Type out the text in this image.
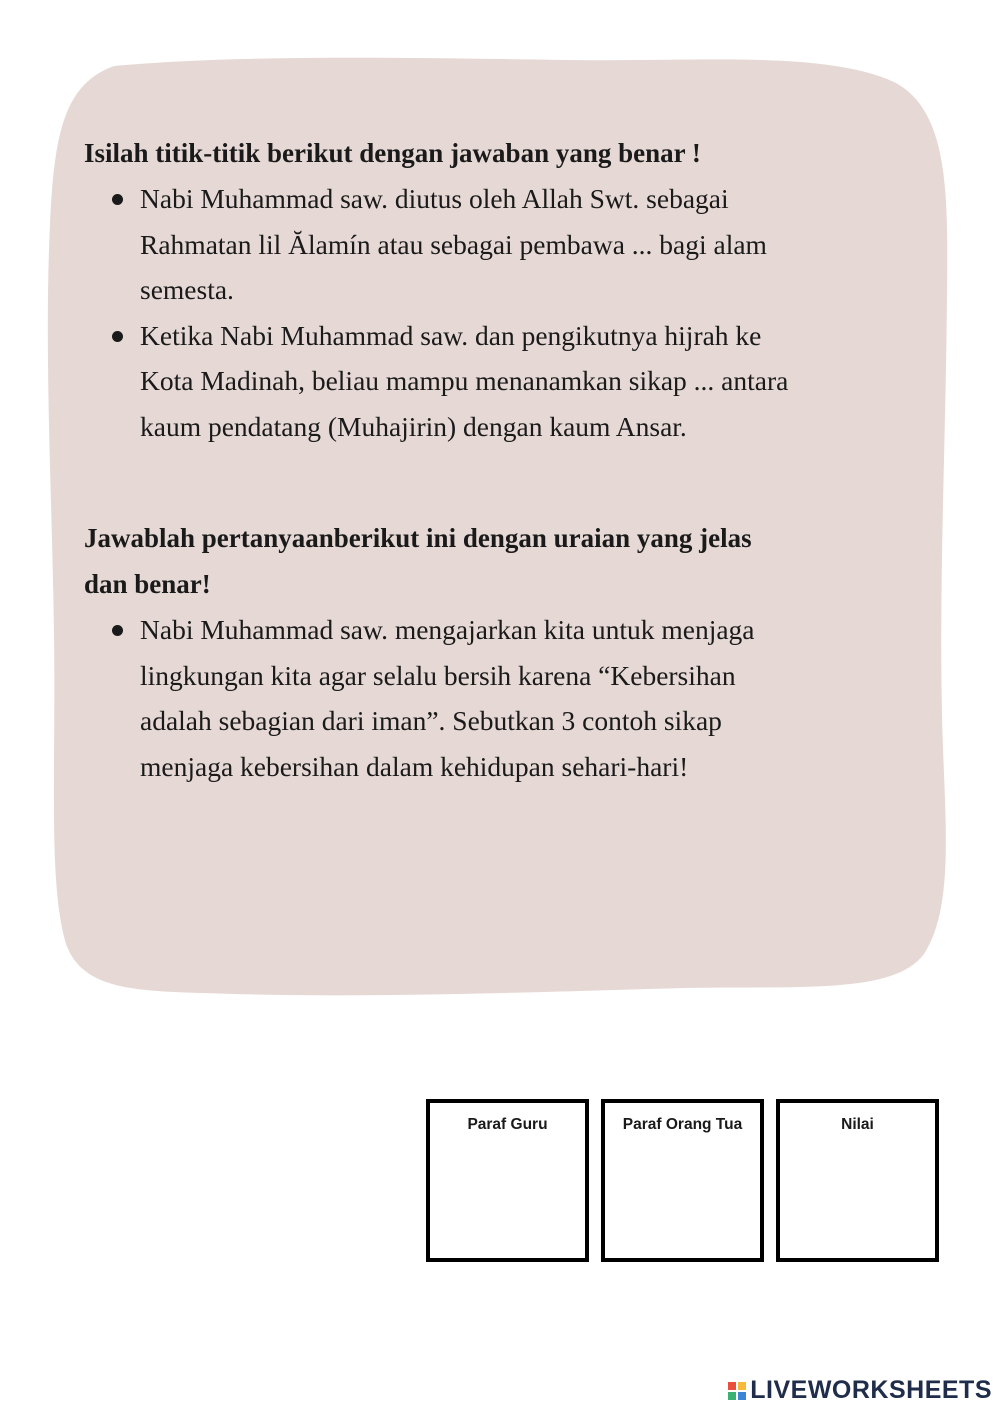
Isilah titik-titik berikut dengan jawaban yang benar !

Nabi Muhammad saw. diutus oleh Allah Swt. sebagai
Rahmatan lil Ălamín atau sebagai pembawa ... bagi alam
semesta.
Ketika Nabi Muhammad saw. dan pengikutnya hijrah ke
Kota Madinah, beliau mampu menanamkan sikap ... antara
kaum pendatang (Muhajirin) dengan kaum Ansar.

Jawablah pertanyaanberikut ini dengan uraian yang jelas
dan benar!

Nabi Muhammad saw. mengajarkan kita untuk menjaga
lingkungan kita agar selalu bersih karena “Kebersihan
adalah sebagian dari iman”. Sebutkan 3 contoh sikap
menjaga kebersihan dalam kehidupan sehari-hari!
Paraf Guru	Paraf Orang Tua	Nilai
LIVEWORKSHEETS
